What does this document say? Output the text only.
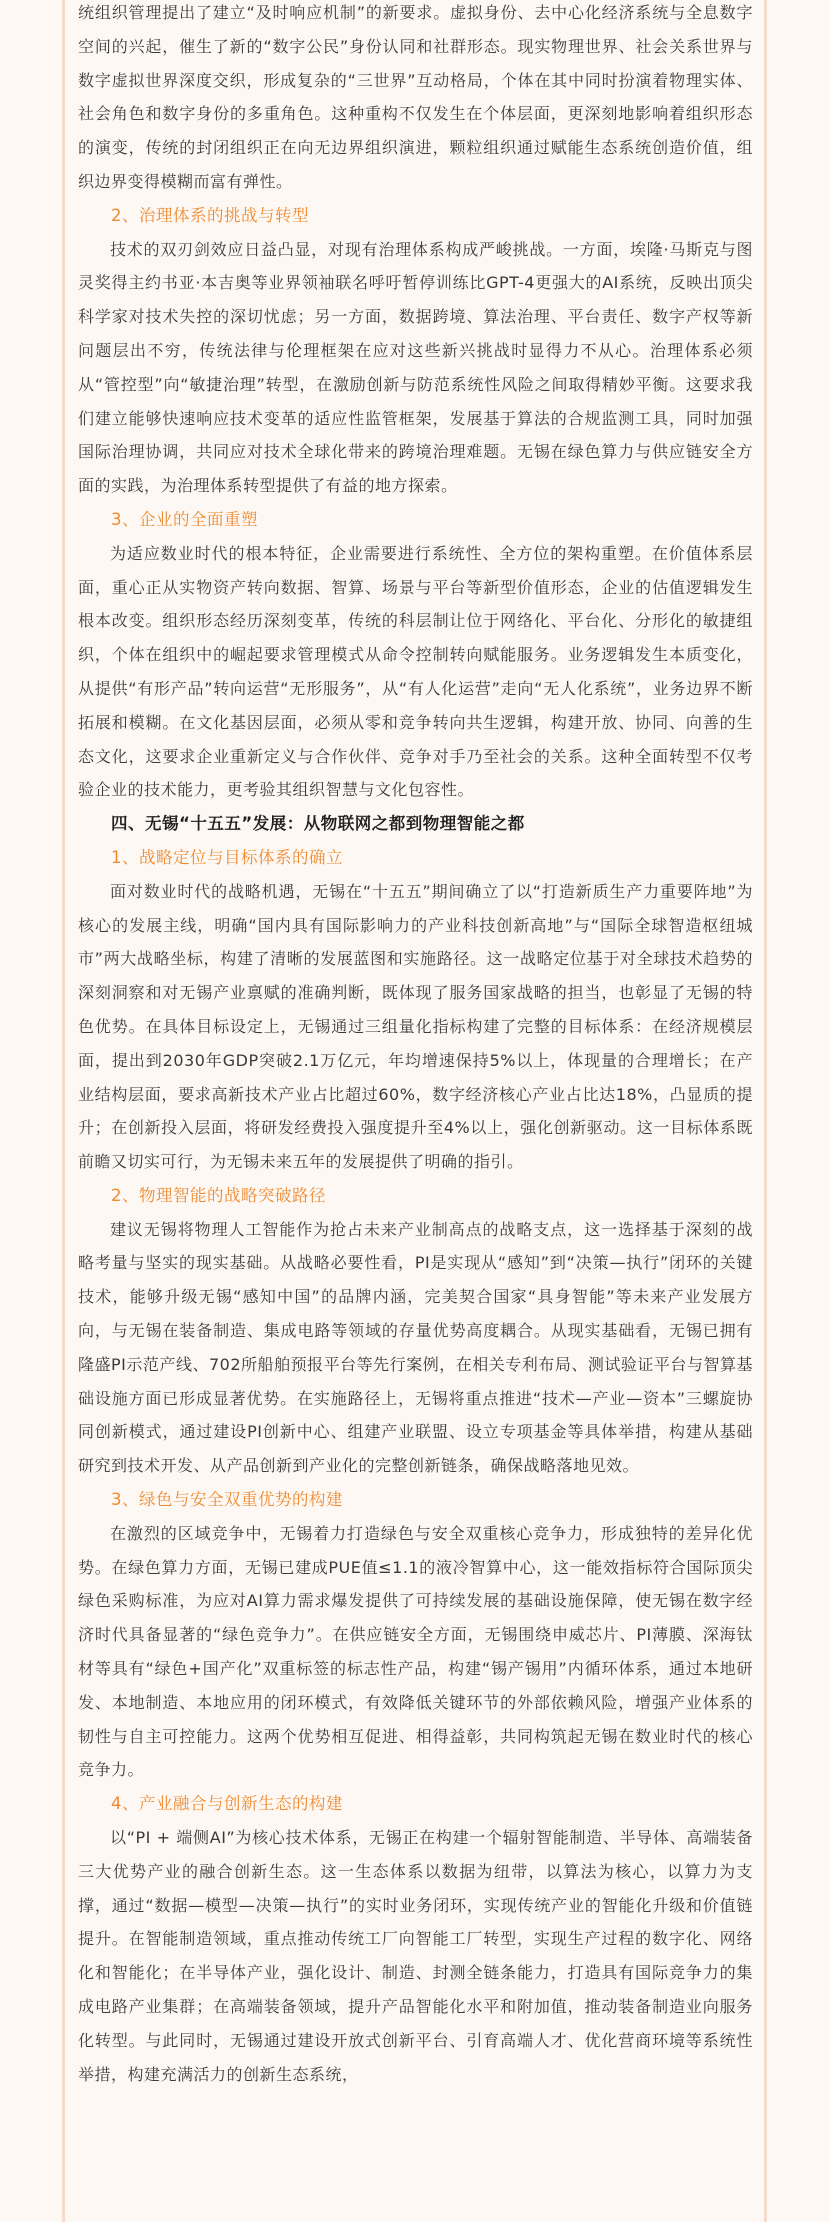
统组织管理提出了建立“及时响应机制”的新要求。虚拟身份、去中心化经济系统与全息数字空间的兴起，催生了新的“数字公民”身份认同和社群形态。现实物理世界、社会关系世界与数字虚拟世界深度交织，形成复杂的“三世界”互动格局，个体在其中同时扮演着物理实体、社会角色和数字身份的多重角色。这种重构不仅发生在个体层面，更深刻地影响着组织形态的演变，传统的封闭组织正在向无边界组织演进，颗粒组织通过赋能生态系统创造价值，组织边界变得模糊而富有弹性。

2、治理体系的挑战与转型

技术的双刃剑效应日益凸显，对现有治理体系构成严峻挑战。一方面，埃隆·马斯克与图灵奖得主约书亚·本吉奥等业界领袖联名呼吁暂停训练比GPT-4更强大的AI系统，反映出顶尖科学家对技术失控的深切忧虑；另一方面，数据跨境、算法治理、平台责任、数字产权等新问题层出不穷，传统法律与伦理框架在应对这些新兴挑战时显得力不从心。治理体系必须从“管控型”向“敏捷治理”转型，在激励创新与防范系统性风险之间取得精妙平衡。这要求我们建立能够快速响应技术变革的适应性监管框架，发展基于算法的合规监测工具，同时加强国际治理协调，共同应对技术全球化带来的跨境治理难题。无锡在绿色算力与供应链安全方面的实践，为治理体系转型提供了有益的地方探索。

3、企业的全面重塑

为适应数业时代的根本特征，企业需要进行系统性、全方位的架构重塑。在价值体系层面，重心正从实物资产转向数据、智算、场景与平台等新型价值形态，企业的估值逻辑发生根本改变。组织形态经历深刻变革，传统的科层制让位于网络化、平台化、分形化的敏捷组织，个体在组织中的崛起要求管理模式从命令控制转向赋能服务。业务逻辑发生本质变化，从提供“有形产品”转向运营“无形服务”，从“有人化运营”走向“无人化系统”，业务边界不断拓展和模糊。在文化基因层面，必须从零和竞争转向共生逻辑，构建开放、协同、向善的生态文化，这要求企业重新定义与合作伙伴、竞争对手乃至社会的关系。这种全面转型不仅考验企业的技术能力，更考验其组织智慧与文化包容性。

四、无锡“十五五”发展：从物联网之都到物理智能之都

1、战略定位与目标体系的确立

面对数业时代的战略机遇，无锡在“十五五”期间确立了以“打造新质生产力重要阵地”为核心的发展主线，明确“国内具有国际影响力的产业科技创新高地”与“国际全球智造枢纽城市”两大战略坐标，构建了清晰的发展蓝图和实施路径。这一战略定位基于对全球技术趋势的深刻洞察和对无锡产业禀赋的准确判断，既体现了服务国家战略的担当，也彰显了无锡的特色优势。在具体目标设定上，无锡通过三组量化指标构建了完整的目标体系：在经济规模层面，提出到2030年GDP突破2.1万亿元，年均增速保持5%以上，体现量的合理增长；在产业结构层面，要求高新技术产业占比超过60%，数字经济核心产业占比达18%，凸显质的提升；在创新投入层面，将研发经费投入强度提升至4%以上，强化创新驱动。这一目标体系既前瞻又切实可行，为无锡未来五年的发展提供了明确的指引。

2、物理智能的战略突破路径

建议无锡将物理人工智能作为抢占未来产业制高点的战略支点，这一选择基于深刻的战略考量与坚实的现实基础。从战略必要性看，PI是实现从“感知”到“决策—执行”闭环的关键技术，能够升级无锡“感知中国”的品牌内涵，完美契合国家“具身智能”等未来产业发展方向，与无锡在装备制造、集成电路等领域的存量优势高度耦合。从现实基础看，无锡已拥有隆盛PI示范产线、702所船舶预报平台等先行案例，在相关专利布局、测试验证平台与智算基础设施方面已形成显著优势。在实施路径上，无锡将重点推进“技术—产业—资本”三螺旋协同创新模式，通过建设PI创新中心、组建产业联盟、设立专项基金等具体举措，构建从基础研究到技术开发、从产品创新到产业化的完整创新链条，确保战略落地见效。

3、绿色与安全双重优势的构建

在激烈的区域竞争中，无锡着力打造绿色与安全双重核心竞争力，形成独特的差异化优势。在绿色算力方面，无锡已建成PUE值≤1.1的液冷智算中心，这一能效指标符合国际顶尖绿色采购标准，为应对AI算力需求爆发提供了可持续发展的基础设施保障，使无锡在数字经济时代具备显著的“绿色竞争力”。在供应链安全方面，无锡围绕申威芯片、PI薄膜、深海钛材等具有“绿色+国产化”双重标签的标志性产品，构建“锡产锡用”内循环体系，通过本地研发、本地制造、本地应用的闭环模式，有效降低关键环节的外部依赖风险，增强产业体系的韧性与自主可控能力。这两个优势相互促进、相得益彰，共同构筑起无锡在数业时代的核心竞争力。

4、产业融合与创新生态的构建

以“PI + 端侧AI”为核心技术体系，无锡正在构建一个辐射智能制造、半导体、高端装备三大优势产业的融合创新生态。这一生态体系以数据为纽带，以算法为核心，以算力为支撑，通过“数据—模型—决策—执行”的实时业务闭环，实现传统产业的智能化升级和价值链提升。在智能制造领域，重点推动传统工厂向智能工厂转型，实现生产过程的数字化、网络化和智能化；在半导体产业，强化设计、制造、封测全链条能力，打造具有国际竞争力的集成电路产业集群；在高端装备领域，提升产品智能化水平和附加值，推动装备制造业向服务化转型。与此同时，无锡通过建设开放式创新平台、引育高端人才、优化营商环境等系统性举措，构建充满活力的创新生态系统，
